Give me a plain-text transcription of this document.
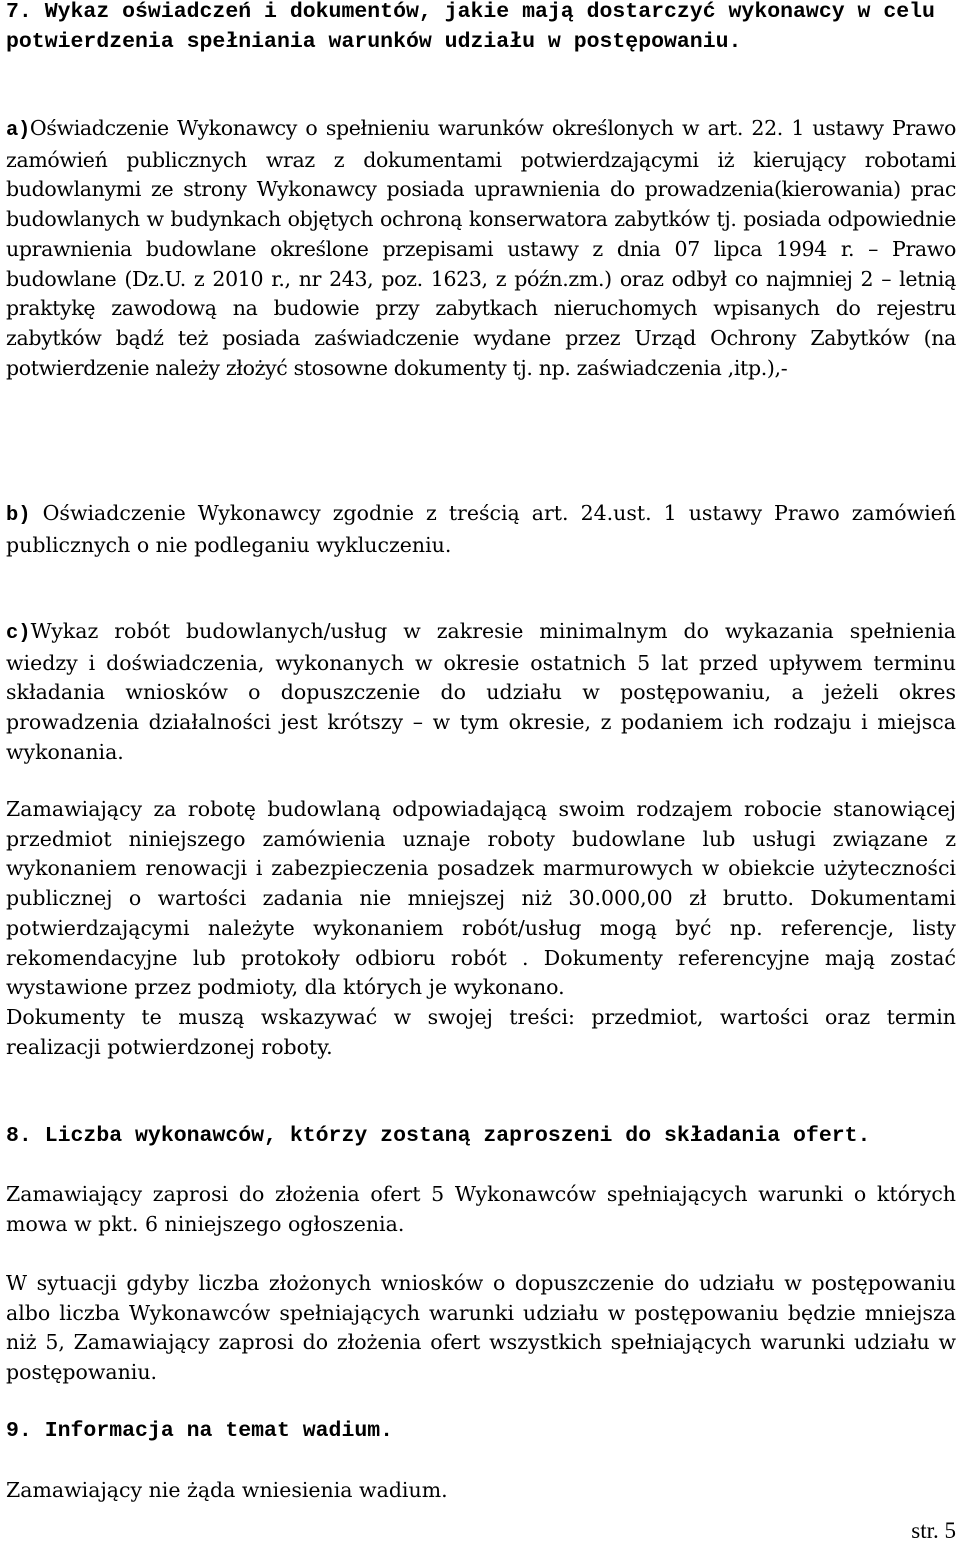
7. Wykaz oświadczeń i dokumentów, jakie mają dostarczyć wykonawcy w celu potwierdzenia spełniania warunków udziału w postępowaniu.

a)Oświadczenie Wykonawcy o spełnieniu warunków określonych w art. 22. 1 ustawy Prawo zamówień publicznych wraz z dokumentami potwierdzającymi iż kierujący robotami budowlanymi ze strony Wykonawcy posiada uprawnienia do prowadzenia(kierowania) prac budowlanych w budynkach objętych ochroną konserwatora zabytków tj. posiada odpowiednie uprawnienia budowlane określone przepisami ustawy z dnia 07 lipca 1994 r. – Prawo budowlane (Dz.U. z 2010 r., nr 243, poz. 1623, z późn.zm.) oraz odbył co najmniej 2 – letnią praktykę zawodową na budowie przy zabytkach nieruchomych wpisanych do rejestru zabytków bądź też posiada zaświadczenie wydane przez Urząd Ochrony Zabytków (na potwierdzenie należy złożyć stosowne dokumenty tj. np. zaświadczenia ,itp.),-

b) Oświadczenie Wykonawcy zgodnie z treścią art. 24.ust. 1 ustawy Prawo zamówień publicznych o nie podleganiu wykluczeniu.

c)Wykaz robót budowlanych/usług w zakresie minimalnym do wykazania spełnienia wiedzy i doświadczenia, wykonanych w okresie ostatnich 5 lat przed upływem terminu składania wniosków o dopuszczenie do udziału w postępowaniu, a jeżeli okres prowadzenia działalności jest krótszy – w tym okresie, z podaniem ich rodzaju i miejsca wykonania.

Zamawiający za robotę budowlaną odpowiadającą swoim rodzajem robocie stanowiącej przedmiot niniejszego zamówienia uznaje roboty budowlane lub usługi związane z wykonaniem renowacji i zabezpieczenia posadzek marmurowych w obiekcie użyteczności publicznej o wartości zadania nie mniejszej niż 30.000,00 zł brutto. Dokumentami potwierdzającymi należyte wykonaniem robót/usług mogą być np. referencje, listy rekomendacyjne lub protokoły odbioru robót . Dokumenty referencyjne mają zostać wystawione przez podmioty, dla których je wykonano.
Dokumenty te muszą wskazywać w swojej treści: przedmiot, wartości oraz termin realizacji potwierdzonej roboty.
8. Liczba wykonawców, którzy zostaną zaproszeni do składania ofert.

Zamawiający zaprosi do złożenia ofert 5 Wykonawców spełniających warunki o których mowa w pkt. 6 niniejszego ogłoszenia.

W sytuacji gdyby liczba złożonych wniosków o dopuszczenie do udziału w postępowaniu albo liczba Wykonawców spełniających warunki udziału w postępowaniu będzie mniejsza niż 5, Zamawiający zaprosi do złożenia ofert wszystkich spełniających warunki udziału w postępowaniu.

9. Informacja na temat wadium.

Zamawiający nie żąda wniesienia wadium.

str. 5
